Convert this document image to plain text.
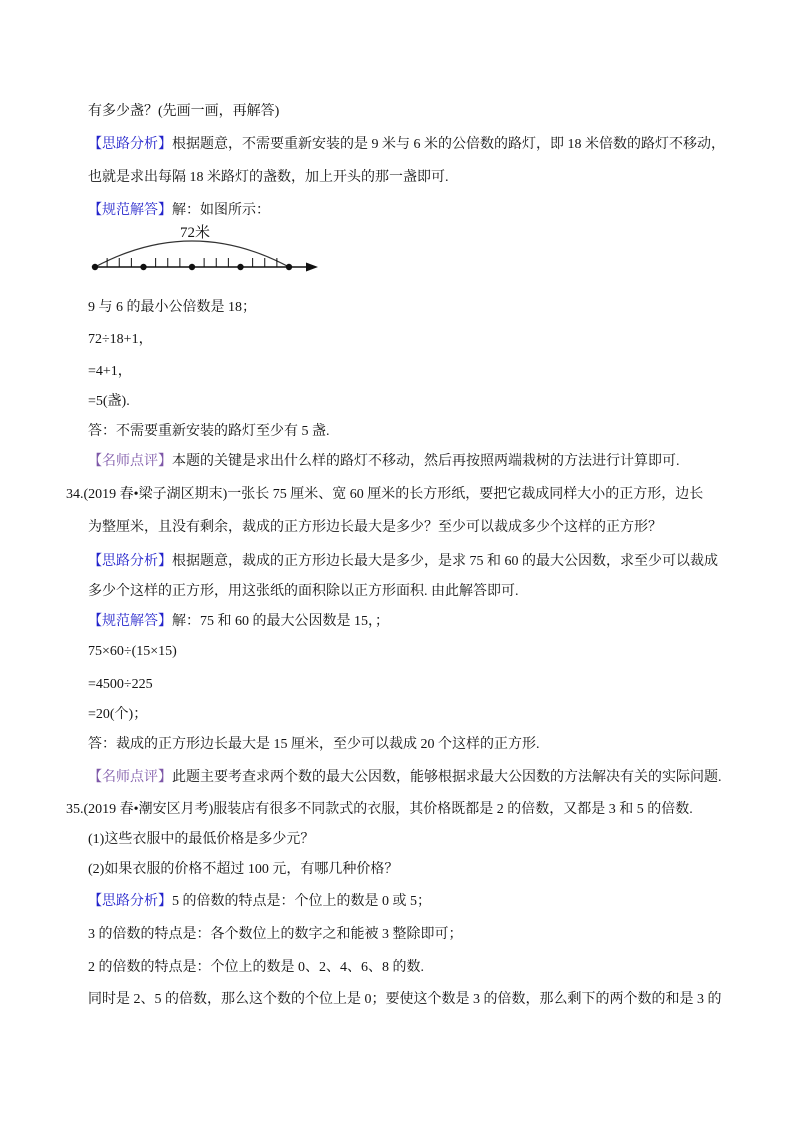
72米
有多少盏？(先画一画，再解答)
【思路分析】根据题意，不需要重新安装的是 9 米与 6 米的公倍数的路灯，即 18 米倍数的路灯不移动，
也就是求出每隔 18 米路灯的盏数，加上开头的那一盏即可.
【规范解答】解：如图所示：
9 与 6 的最小公倍数是 18；
72÷18+1，
=4+1，
=5(盏).
答：不需要重新安装的路灯至少有 5 盏.
【名师点评】本题的关键是求出什么样的路灯不移动，然后再按照两端栽树的方法进行计算即可.
34.(2019 春•梁子湖区期末)一张长 75 厘米、宽 60 厘米的长方形纸，要把它裁成同样大小的正方形，边长
为整厘米，且没有剩余，裁成的正方形边长最大是多少？至少可以裁成多少个这样的正方形？
【思路分析】根据题意，裁成的正方形边长最大是多少，是求 75 和 60 的最大公因数，求至少可以裁成
多少个这样的正方形，用这张纸的面积除以正方形面积. 由此解答即可.
【规范解答】解：75 和 60 的最大公因数是 15，；
75×60÷(15×15)
=4500÷225
=20(个)；
答：裁成的正方形边长最大是 15 厘米，至少可以裁成 20 个这样的正方形.
【名师点评】此题主要考查求两个数的最大公因数，能够根据求最大公因数的方法解决有关的实际问题.
35.(2019 春•潮安区月考)服装店有很多不同款式的衣服，其价格既都是 2 的倍数，又都是 3 和 5 的倍数.
(1)这些衣服中的最低价格是多少元？
(2)如果衣服的价格不超过 100 元，有哪几种价格？
【思路分析】5 的倍数的特点是：个位上的数是 0 或 5；
3 的倍数的特点是：各个数位上的数字之和能被 3 整除即可；
2 的倍数的特点是：个位上的数是 0、2、4、6、8 的数.
同时是 2、5 的倍数，那么这个数的个位上是 0；要使这个数是 3 的倍数，那么剩下的两个数的和是 3 的
